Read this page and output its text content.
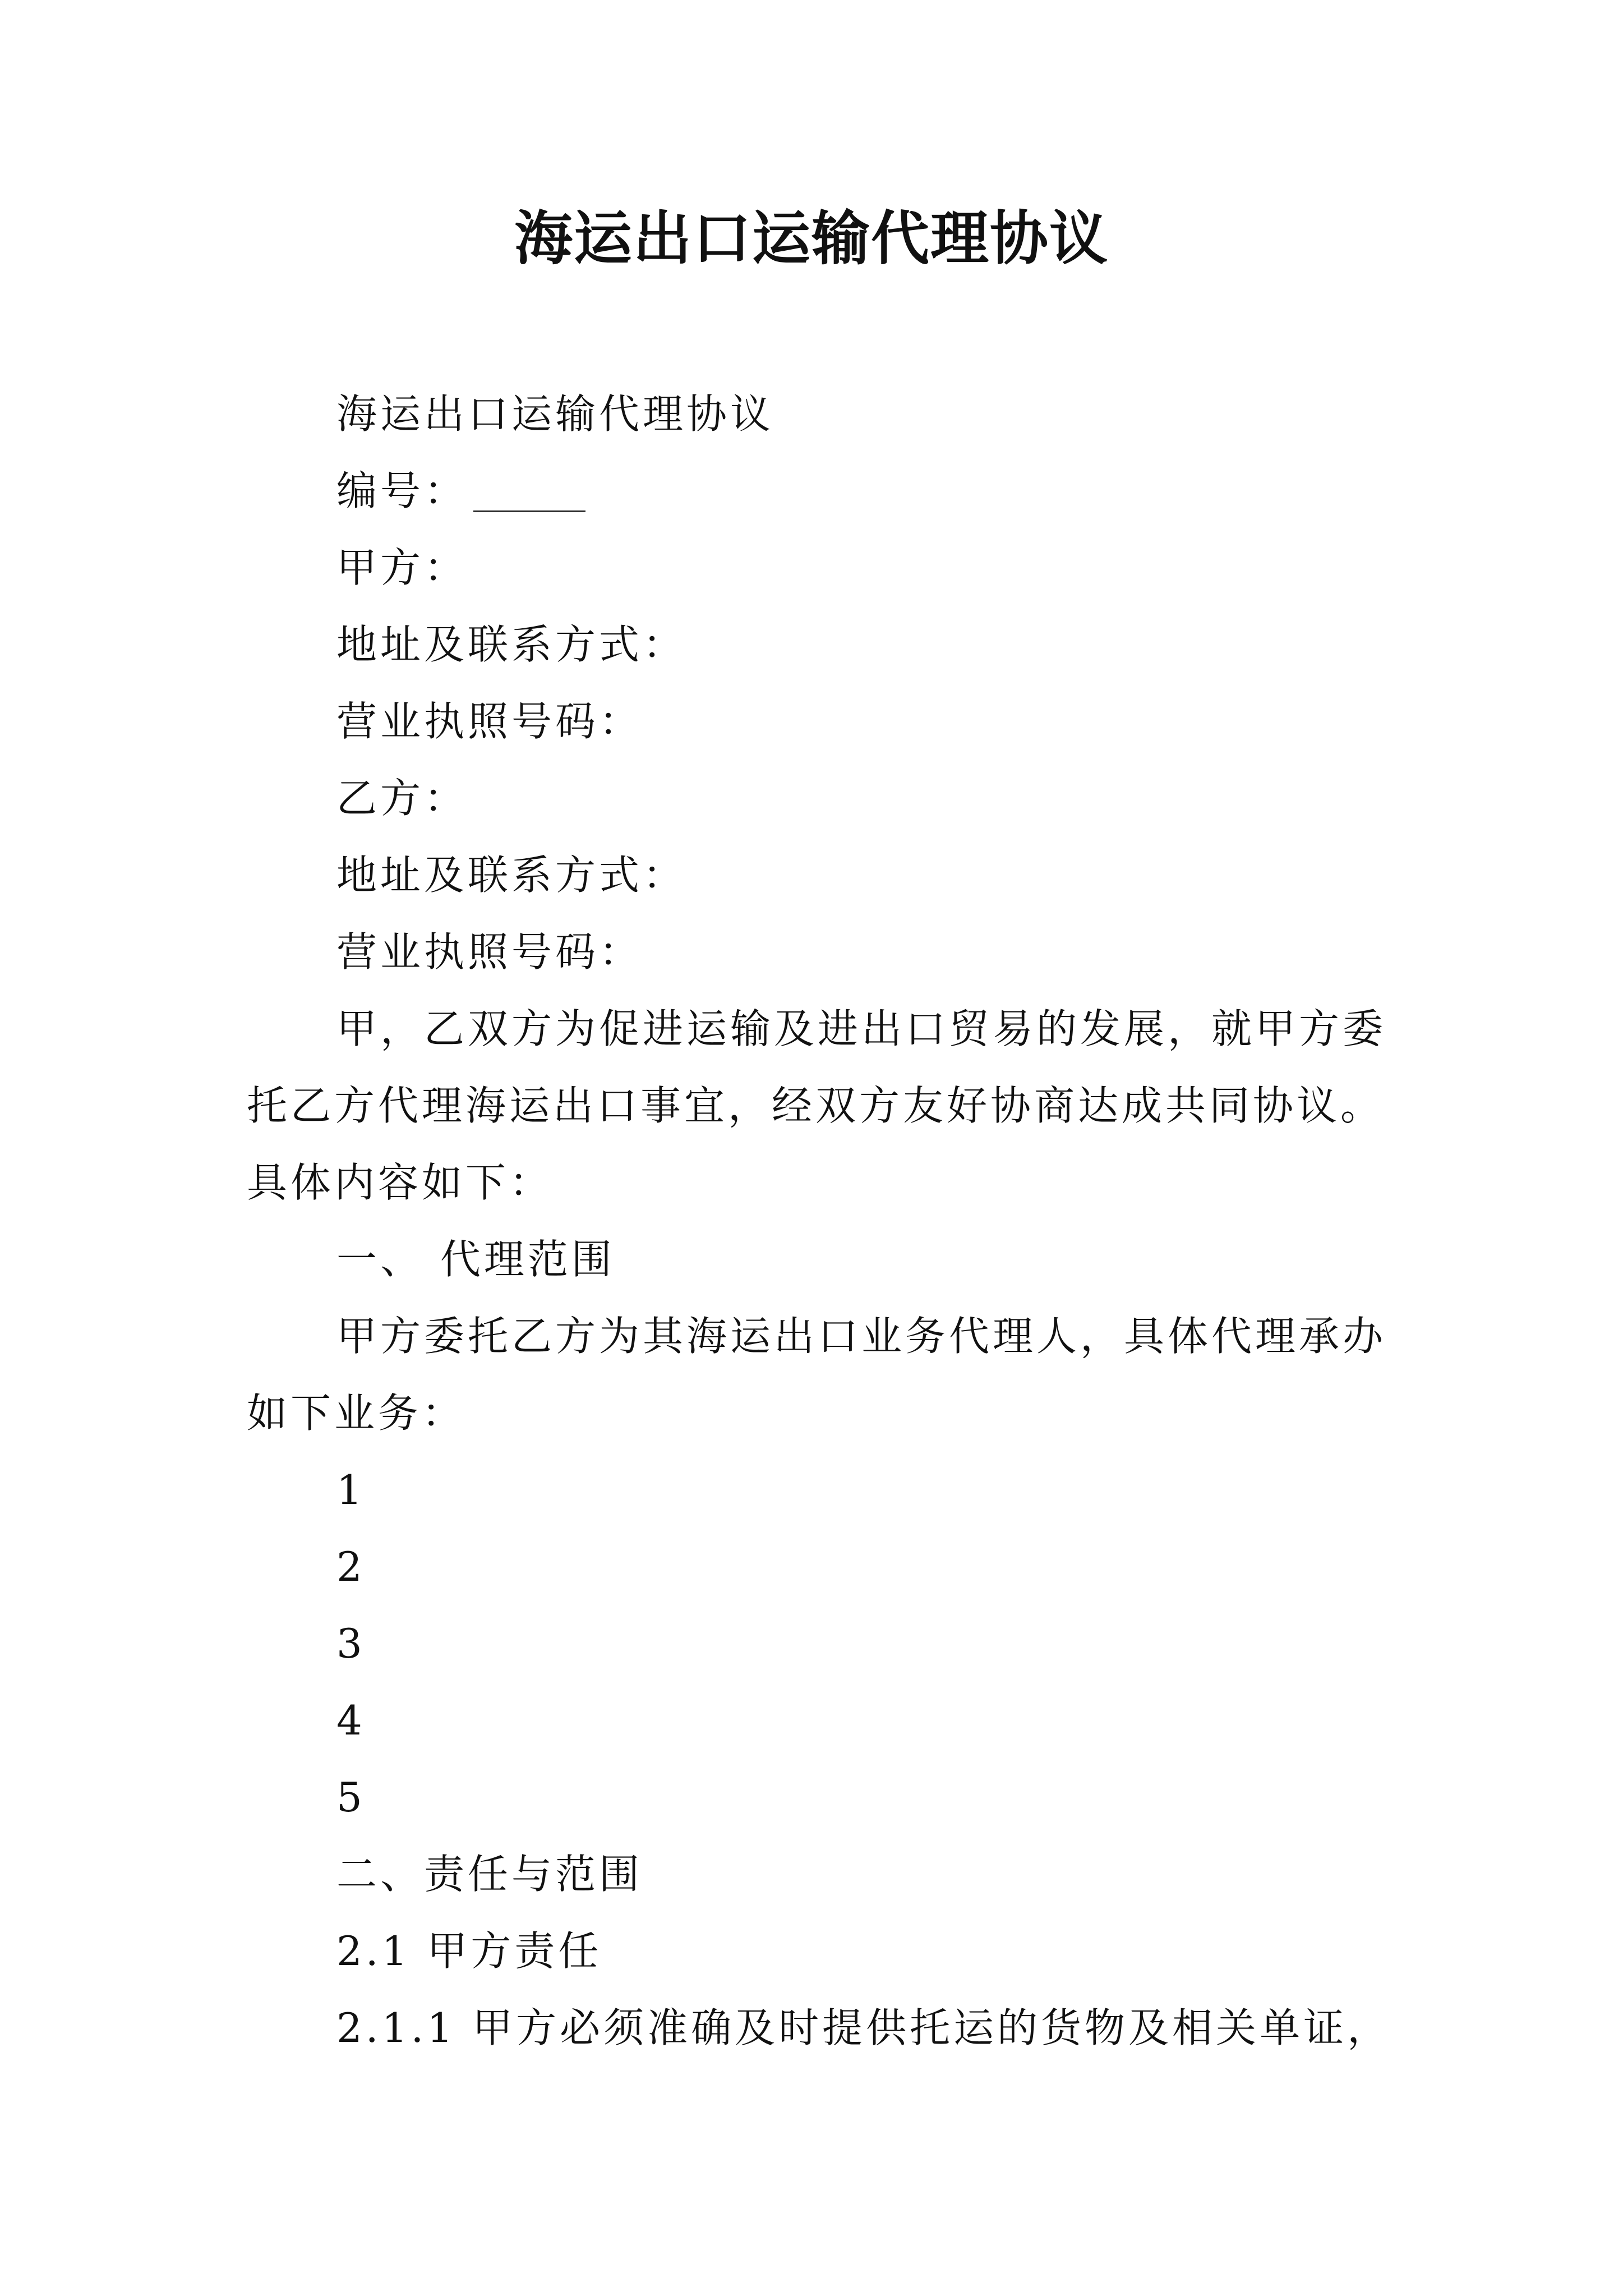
海运出口运输代理协议
海运出口运输代理协议
编号：
甲方：
地址及联系方式：
营业执照号码：
乙方：
地址及联系方式：
营业执照号码：
甲，乙双方为促进运输及进出口贸易的发展，就甲方委
托乙方代理海运出口事宜，经双方友好协商达成共同协议。
具体内容如下：
一、 代理范围
甲方委托乙方为其海运出口业务代理人，具体代理承办
如下业务：
1
2
3
4
5
二、责任与范围
2.1 甲方责任
2.1.1 甲方必须准确及时提供托运的货物及相关单证，
